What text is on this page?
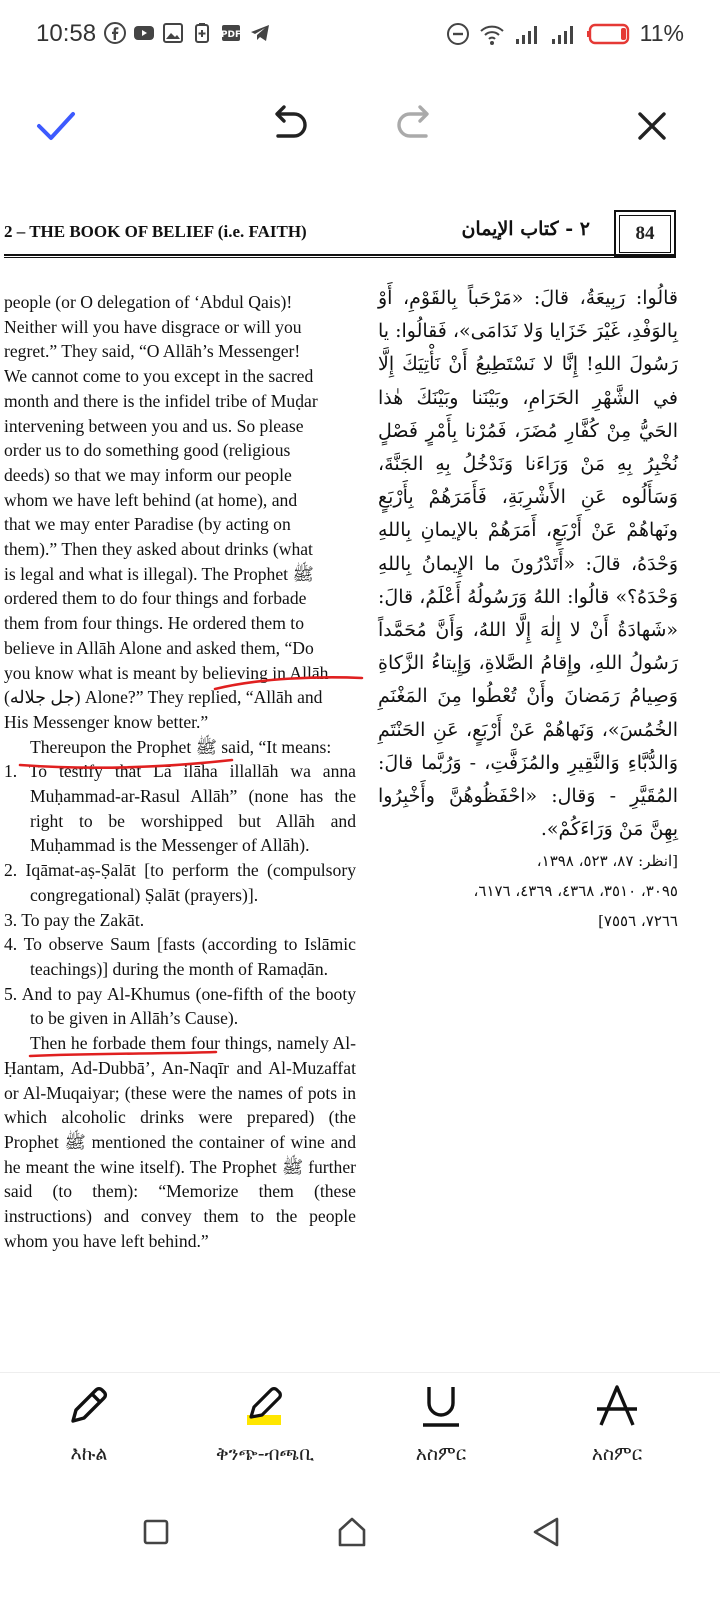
10:58	PDF	11%
2 – THE BOOK OF BELIEF (i.e. FAITH)	٢ - كتاب الإيمان	84
people (or O delegation of ‘Abdul Qais)!
Neither will you have disgrace or will you
regret.” They said, “O Allāh’s Messenger!
We cannot come to you except in the sacred
month and there is the infidel tribe of Muḍar
intervening between you and us. So please
order us to do something good (religious
deeds) so that we may inform our people
whom we have left behind (at home), and
that we may enter Paradise (by acting on
them).” Then they asked about drinks (what
is legal and what is illegal). The Prophet ﷺ
ordered them to do four things and forbade
them from four things. He ordered them to
believe in Allāh Alone and asked them, “Do
you know what is meant by believing in Allāh
(جل جلاله) Alone?” They replied, “Allāh and
His Messenger know better.”
Thereupon the Prophet ﷺ said, “It means:
1. To testify that Lā ilāha illallāh wa anna Muḥammad-ar-Rasul Allāh” (none has the right to be worshipped but Allāh and Muḥammad is the Messenger of Allāh).
2. Iqāmat-aṣ-Ṣalāt [to perform the (compulsory congregational) Ṣalāt (prayers)].
3. To pay the Zakāt.
4. To observe Saum [fasts (according to Islāmic teachings)] during the month of Ramaḍān.
5. And to pay Al-Khumus (one-fifth of the booty to be given in Allāh’s Cause).
Then he forbade them four things, namely Al-Ḥantam, Ad-Dubbā’, An-Naqīr and Al-Muzaffat or Al-Muqaiyar; (these were the names of pots in which alcoholic drinks were prepared) (the Prophet ﷺ mentioned the container of wine and he meant the wine itself). The Prophet ﷺ further said (to them): “Memorize them (these instructions) and convey them to the people whom you have left behind.”
قالُوا: رَبِيعَةُ، قالَ: «مَرْحَباً بِالقَوْمِ، أَوْ بِالوَفْدِ، غَيْرَ خَزَايا وَلا نَدَامَى»، فَقالُوا: يا رَسُولَ اللهِ! إِنَّا لا نَسْتَطِيعُ أَنْ نَأْتِيَكَ إِلَّا في الشَّهْرِ الحَرَامِ، وبَيْنَنا وبَيْنَكَ هٰذا الحَيُّ مِنْ كُفَّارِ مُضَرَ، فَمُرْنا بِأَمْرٍ فَصْلٍ نُخْبِرُ بِهِ مَنْ وَرَاءَنا وَنَدْخُلُ بِهِ الجَنَّةَ، وَسَأَلُوه عَنِ الأَشْرِبَةِ، فَأَمَرَهُمْ بِأَرْبَعٍ ونَهاهُمْ عَنْ أَرْبَعٍ، أَمَرَهُمْ بالإيمانِ بِاللهِ وَحْدَهُ، قالَ: «أَتَدْرُونَ ما الإِيمانُ بِاللهِ وَحْدَهُ؟» قالُوا: اللهُ وَرَسُولُهُ أَعْلَمُ، قالَ: «شَهادَةُ أَنْ لا إِلٰهَ إِلَّا اللهُ، وَأَنَّ مُحَمَّداً رَسُولُ اللهِ، وإِقامُ الصَّلاةِ، وَإِيتاءُ الزَّكاةِ وَصِيامُ رَمَضانَ وأَنْ تُعْطُوا مِنَ المَغْنَمِ الخُمُسَ»، وَنَهاهُمْ عَنْ أَرْبَعٍ، عَنِ الحَنْتَمِ وَالدُّبَّاءِ وَالنَّقِيرِ والمُزَفَّتِ، - وَرُبَّما قالَ: المُقَيَّرِ - وَقال: «احْفَظُوهُنَّ وأَخْبِرُوا بِهِنَّ مَنْ وَرَاءَكُمْ».
[انظر: ٨٧، ٥٢٣، ١٣٩٨،
٣٠٩٥، ٣٥١٠، ٤٣٦٨، ٤٣٦٩، ٦١٧٦،
٧٢٦٦، ٧٥٥٦]
እኩል	ቅንጭ-ብጫቢ	አስምር	አስምር
